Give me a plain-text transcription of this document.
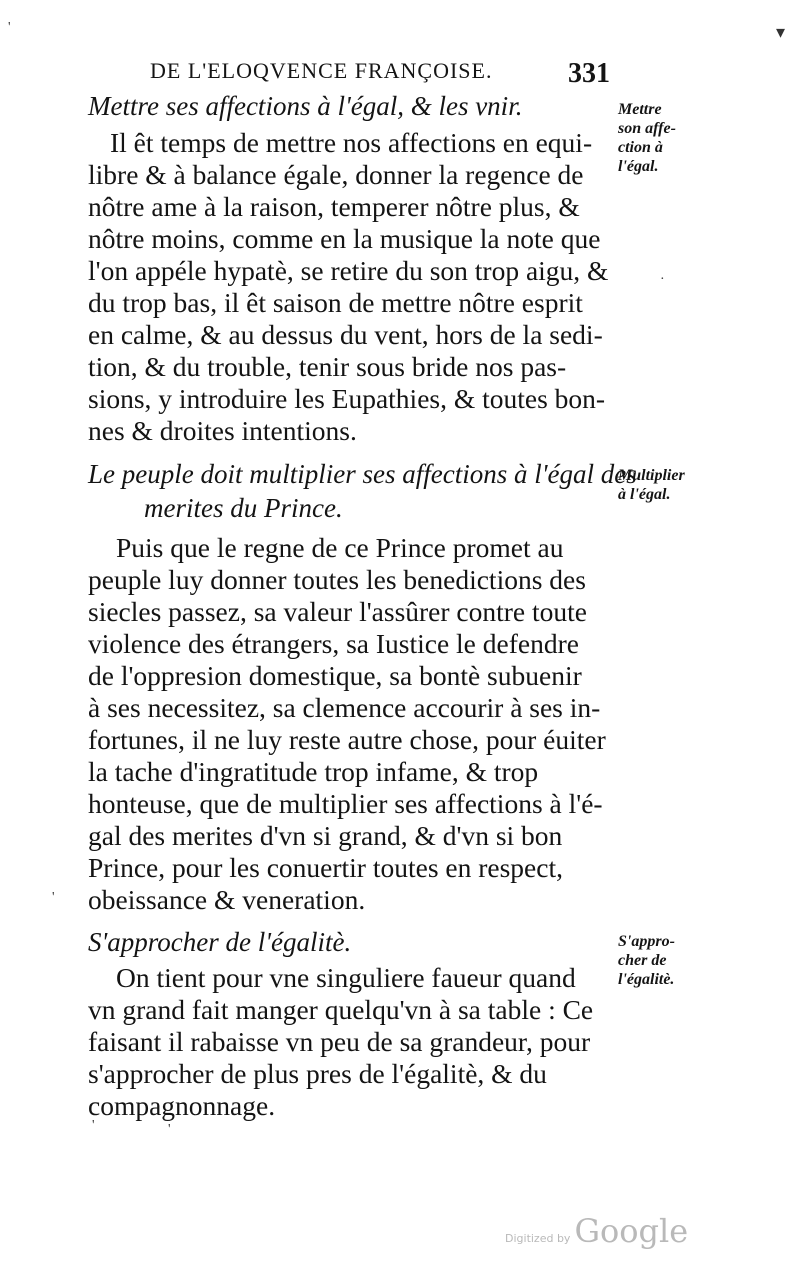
DE L'ELOQVENCE FRANÇOISE.	331
Mettre ses affections à l'égal, & les vnir.
Il êt temps de mettre nos affections en equi-
libre & à balance égale, donner la regence de
nôtre ame à la raison, temperer nôtre plus, &
nôtre moins, comme en la musique la note que
l'on appéle hypatè, se retire du son trop aigu, &
du trop bas, il êt saison de mettre nôtre esprit
en calme, & au dessus du vent, hors de la sedi-
tion, & du trouble, tenir sous bride nos pas-
sions, y introduire les Eupathies, & toutes bon-
nes & droites intentions.
Le peuple doit multiplier ses affections à l'égal des
merites du Prince.
Puis que le regne de ce Prince promet au
peuple luy donner toutes les benedictions des
siecles passez, sa valeur l'assûrer contre toute
violence des étrangers, sa Iustice le defendre
de l'oppresion domestique, sa bontè subuenir
à ses necessitez, sa clemence accourir à ses in-
fortunes, il ne luy reste autre chose, pour éuiter
la tache d'ingratitude trop infame, & trop
honteuse, que de multiplier ses affections à l'é-
gal des merites d'vn si grand, & d'vn si bon
Prince, pour les conuertir toutes en respect,
obeissance & veneration.
S'approcher de l'égalitè.
On tient pour vne singuliere faueur quand
vn grand fait manger quelqu'vn à sa table : Ce
faisant il rabaisse vn peu de sa grandeur, pour
s'approcher de plus pres de l'égalitè, & du
compagnonnage.
Mettre
son affe-
ction à
l'égal.
Multiplier
à l'égal.
S'appro-
cher de
l'égalitè.
'	▾
·
'
'	'
Digitized by Google
